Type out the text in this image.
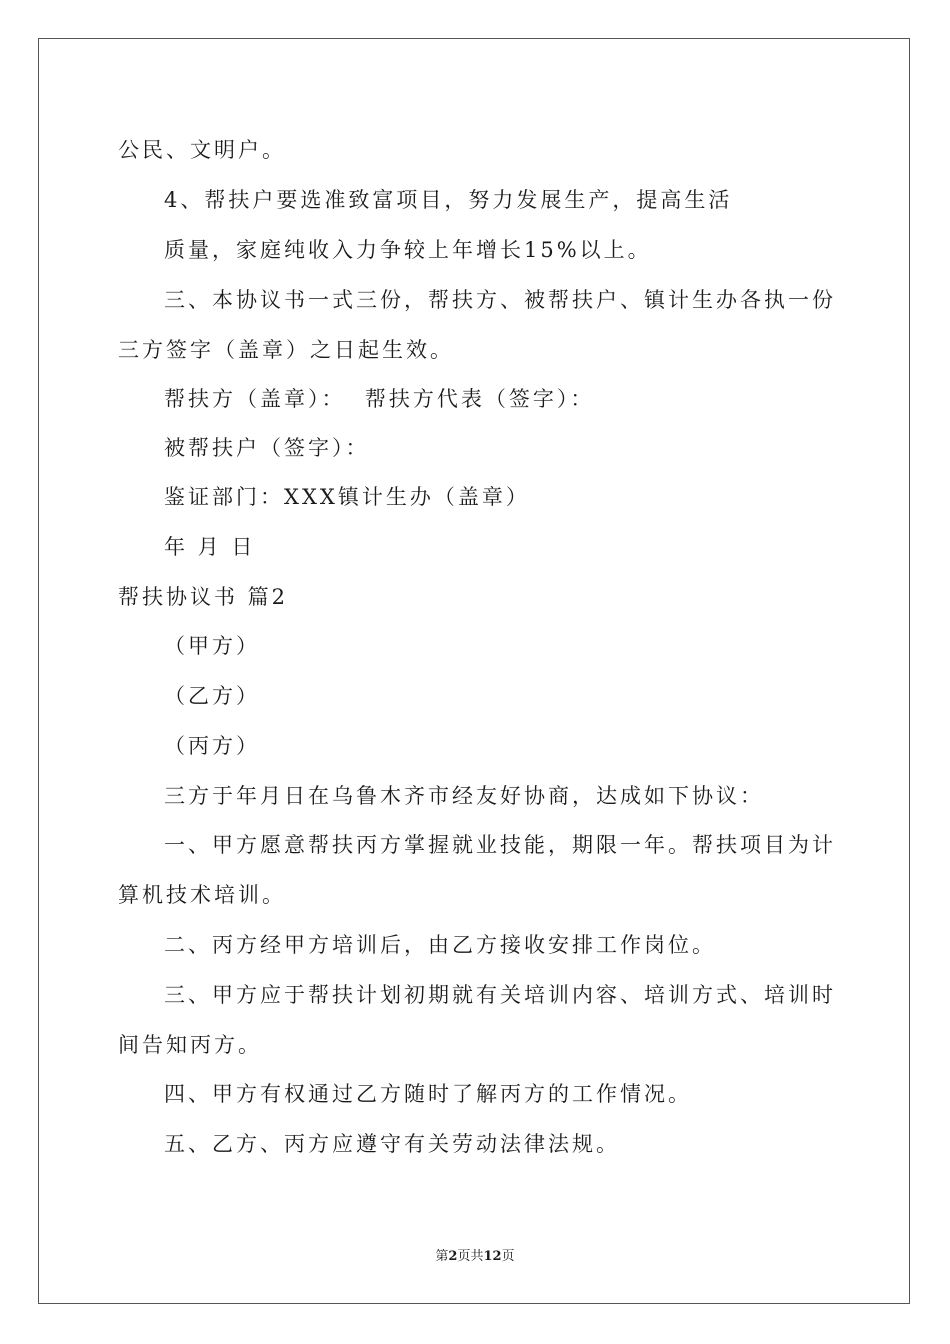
公民、文明户。
4、帮扶户要选准致富项目，努力发展生产，提高生活
质量，家庭纯收入力争较上年增长15%以上。
三、本协议书一式三份，帮扶方、被帮扶户、镇计生办各执一份
三方签字（盖章）之日起生效。
帮扶方（盖章）：  帮扶方代表（签字）：
被帮扶户（签字）：
鉴证部门：XXX镇计生办（盖章）
年 月 日
帮扶协议书 篇2
（甲方）
（乙方）
（丙方）
三方于年月日在乌鲁木齐市经友好协商，达成如下协议：
一、甲方愿意帮扶丙方掌握就业技能，期限一年。帮扶项目为计
算机技术培训。
二、丙方经甲方培训后，由乙方接收安排工作岗位。
三、甲方应于帮扶计划初期就有关培训内容、培训方式、培训时
间告知丙方。
四、甲方有权通过乙方随时了解丙方的工作情况。
五、乙方、丙方应遵守有关劳动法律法规。
第2页共12页
